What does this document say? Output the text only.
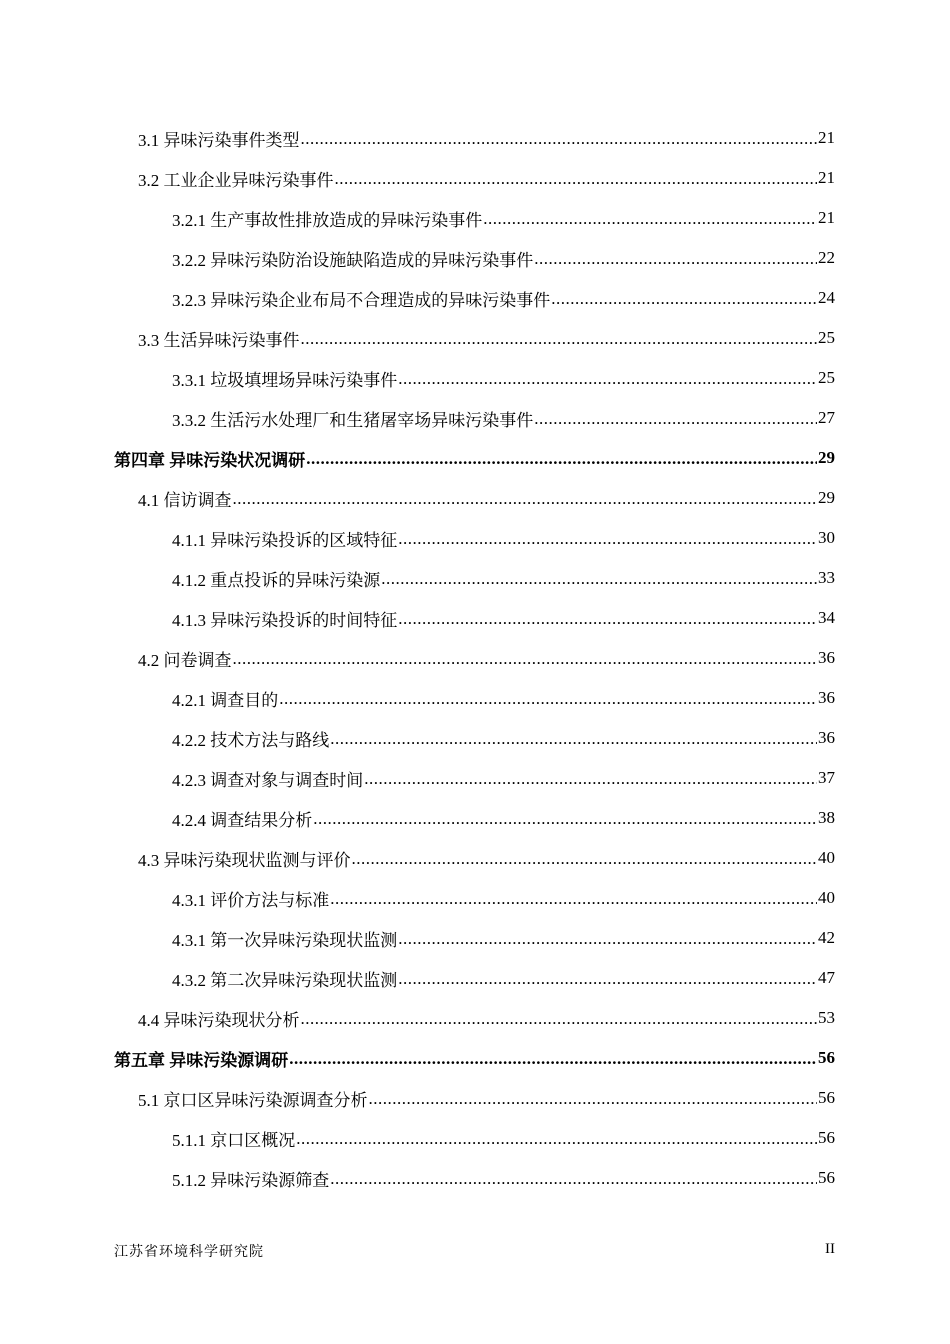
3.1 异味污染事件类型 .....	21
3.2 工业企业异味污染事件 .....	21
3.2.1 生产事故性排放造成的异味污染事件 .....	21
3.2.2 异味污染防治设施缺陷造成的异味污染事件 .....	22
3.2.3 异味污染企业布局不合理造成的异味污染事件 .....	24
3.3 生活异味污染事件 .....	25
3.3.1 垃圾填埋场异味污染事件 .....	25
3.3.2 生活污水处理厂和生猪屠宰场异味污染事件 .....	27
第四章 异味污染状况调研 .....	29
4.1 信访调查 .....	29
4.1.1 异味污染投诉的区域特征 .....	30
4.1.2 重点投诉的异味污染源 .....	33
4.1.3 异味污染投诉的时间特征 .....	34
4.2 问卷调查 .....	36
4.2.1 调查目的 .....	36
4.2.2 技术方法与路线 .....	36
4.2.3 调查对象与调查时间 .....	37
4.2.4 调查结果分析 .....	38
4.3 异味污染现状监测与评价 .....	40
4.3.1 评价方法与标准 .....	40
4.3.1 第一次异味污染现状监测 .....	42
4.3.2 第二次异味污染现状监测 .....	47
4.4 异味污染现状分析 .....	53
第五章 异味污染源调研 .....	56
5.1 京口区异味污染源调查分析 .....	56
5.1.1 京口区概况 .....	56
5.1.2 异味污染源筛查 .....	56
江苏省环境科学研究院	II
